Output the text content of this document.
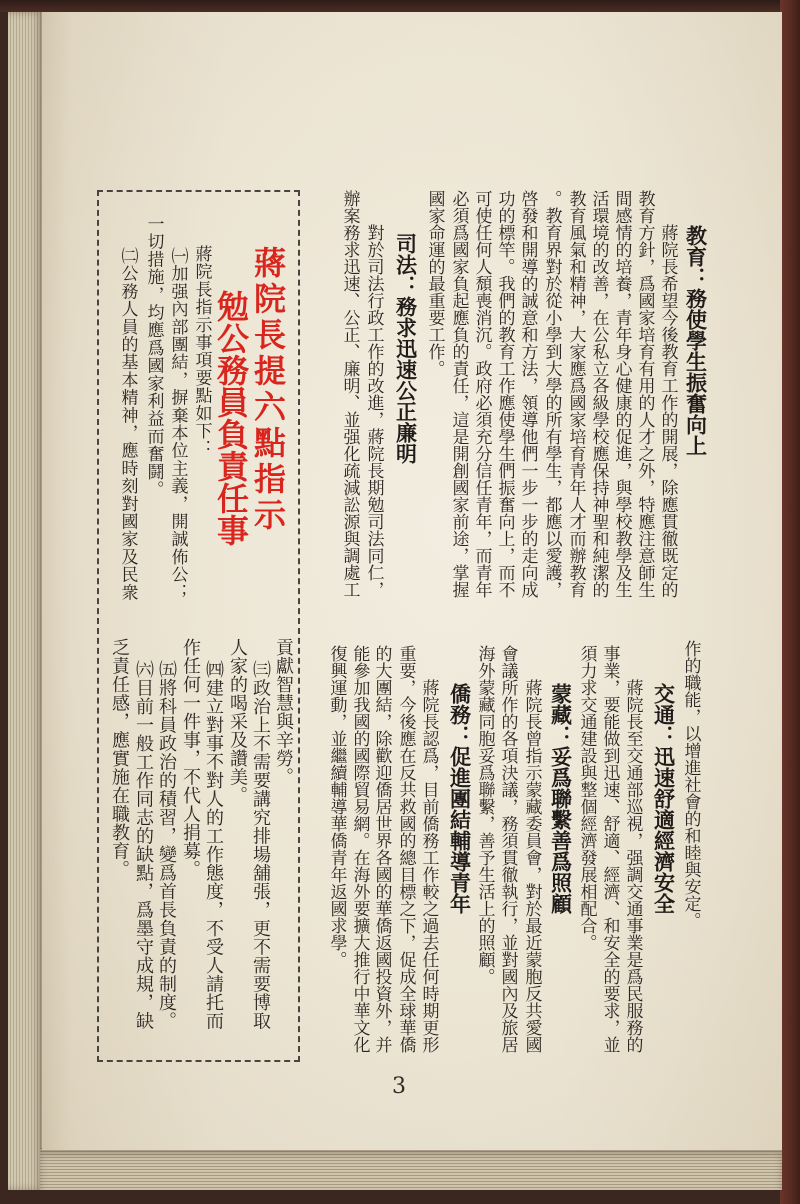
教育：務使學生振奮向上
蔣院長希望今後教育工作的開展，除應貫徹既定的
教育方針，爲國家培育有用的人才之外，特應注意師生
間感情的培養，青年身心健康的促進，與學校教學及生
活環境的改善，在公私立各級學校應保持神聖和純潔的
教育風氣和精神，大家應爲國家培育青年人才而辦教育
。教育界對於從小學到大學的所有學生，都應以愛護，
啓發和開導的誠意和方法，領導他們一步一步的走向成
功的標竿。我們的教育工作應使學生們振奮向上，而不
可使任何人頹喪消沉。政府必須充分信任青年，而青年
必須爲國家負起應負的責任，這是開創國家前途，掌握
國家命運的最重要工作。
司法：務求迅速公正廉明
對於司法行政工作的改進，蔣院長期勉司法同仁，
辦案務求迅速、公正、廉明、並强化疏減訟源與調處工
作的職能，以增進社會的和睦與安定。
交通：迅速舒適經濟安全
蔣院長至交通部巡視，强調交通事業是爲民服務的
事業，要能做到迅速、舒適、經濟、和安全的要求，並
須力求交通建設與整個經濟發展相配合。
蒙藏：妥爲聯繫善爲照顧
蔣院長曾指示蒙藏委員會，對於最近蒙胞反共愛國
會議所作的各項決議，務須貫徹執行，並對國內及旅居
海外蒙藏同胞妥爲聯繫，善予生活上的照顧。
僑務：促進團結輔導青年
蔣院長認爲，目前僑務工作較之過去任何時期更形
重要，今後應在反共救國的總目標之下，促成全球華僑
的大團結，除歡迎僑居世界各國的華僑返國投資外，并
能參加我國的國際貿易網。在海外要擴大推行中華文化
復興運動，並繼續輔導華僑青年返國求學。
蔣院長提六點指示
勉公務員負責任事
蔣院長指示事項要點如下：
㈠加强內部團結，摒棄本位主義，開誠佈公；
一切措施，均應爲國家利益而奮鬪。
㈡公務人員的基本精神，應時刻對國家及民衆
貢獻智慧與辛勞。
㈢政治上不需要講究排場舖張，更不需要博取
人家的喝采及讚美。
㈣建立對事不對人的工作態度，不受人請托而
作任何一件事，不代人捐募。
㈤將科員政治的積習，變爲首長負責的制度。
㈥目前一般工作同志的缺點，爲墨守成規，缺
乏責任感，應實施在職教育。
3
